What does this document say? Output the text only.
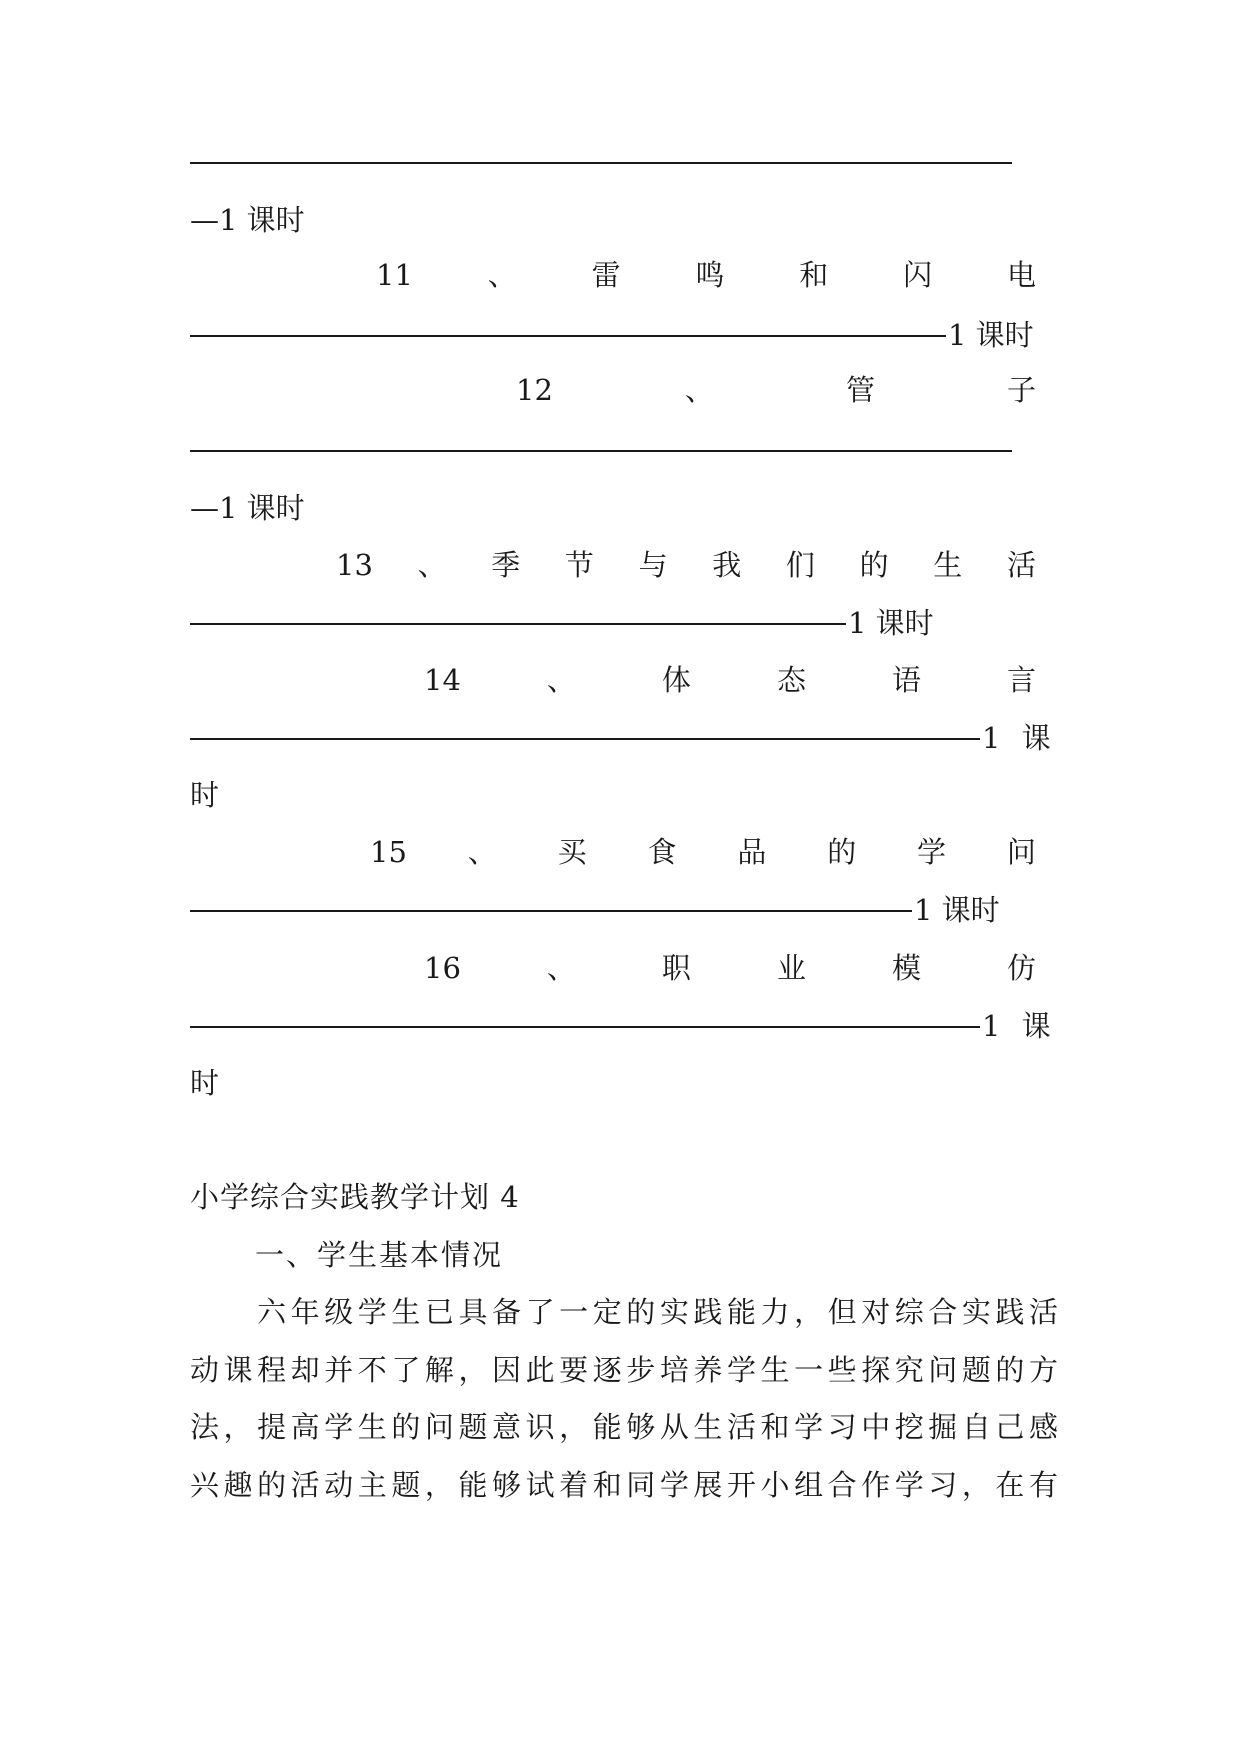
—1 课时
11	、	雷	鸣	和	闪	电
1 课时
12	、	管	子
—1 课时
13 、 季 节 与 我 们 的 生 活
1 课时
14	、	体	态	语	言
1 课
时
15 、 买 食 品 的 学 问
1 课时
16	、	职	业	模	仿
1 课
时
小学综合实践教学计划 4
一、学生基本情况
　　六年级学生已具备了一定的实践能力，但对综合实践活
动课程却并不了解，因此要逐步培养学生一些探究问题的方
法，提高学生的问题意识，能够从生活和学习中挖掘自己感
兴趣的活动主题，能够试着和同学展开小组合作学习，在有
